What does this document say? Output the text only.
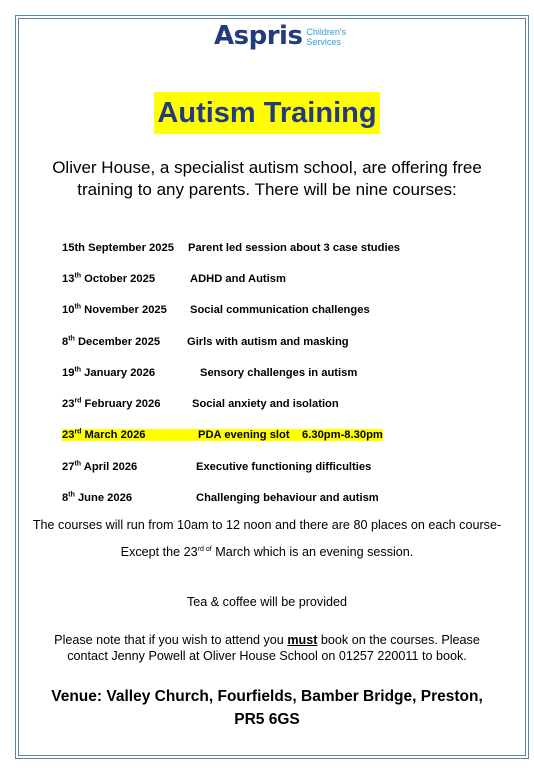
Aspris Children's
Services
Autism Training
Oliver House, a specialist autism school, are offering free training to any parents. There will be nine courses:
15th September 2025	Parent led session about 3 case studies
13th October 2025	ADHD and Autism
10th November 2025	Social communication challenges
8th December 2025	Girls with autism and masking
19th January 2026	Sensory challenges in autism
23rd February 2026	Social anxiety and isolation
23rd March 2026	PDA evening slot    6.30pm-8.30pm
27th April 2026	Executive functioning difficulties
8th June 2026	Challenging behaviour and autism
The courses will run from 10am to 12 noon and there are 80 places on each course- Except the $23^{rd of}$ March which is an evening session.
Tea & coffee will be provided
Please note that if you wish to attend you must book on the courses. Please contact Jenny Powell at Oliver House School on 01257 220011 to book.
Venue: Valley Church, Fourfields, Bamber Bridge, Preston, PR5 6GS
